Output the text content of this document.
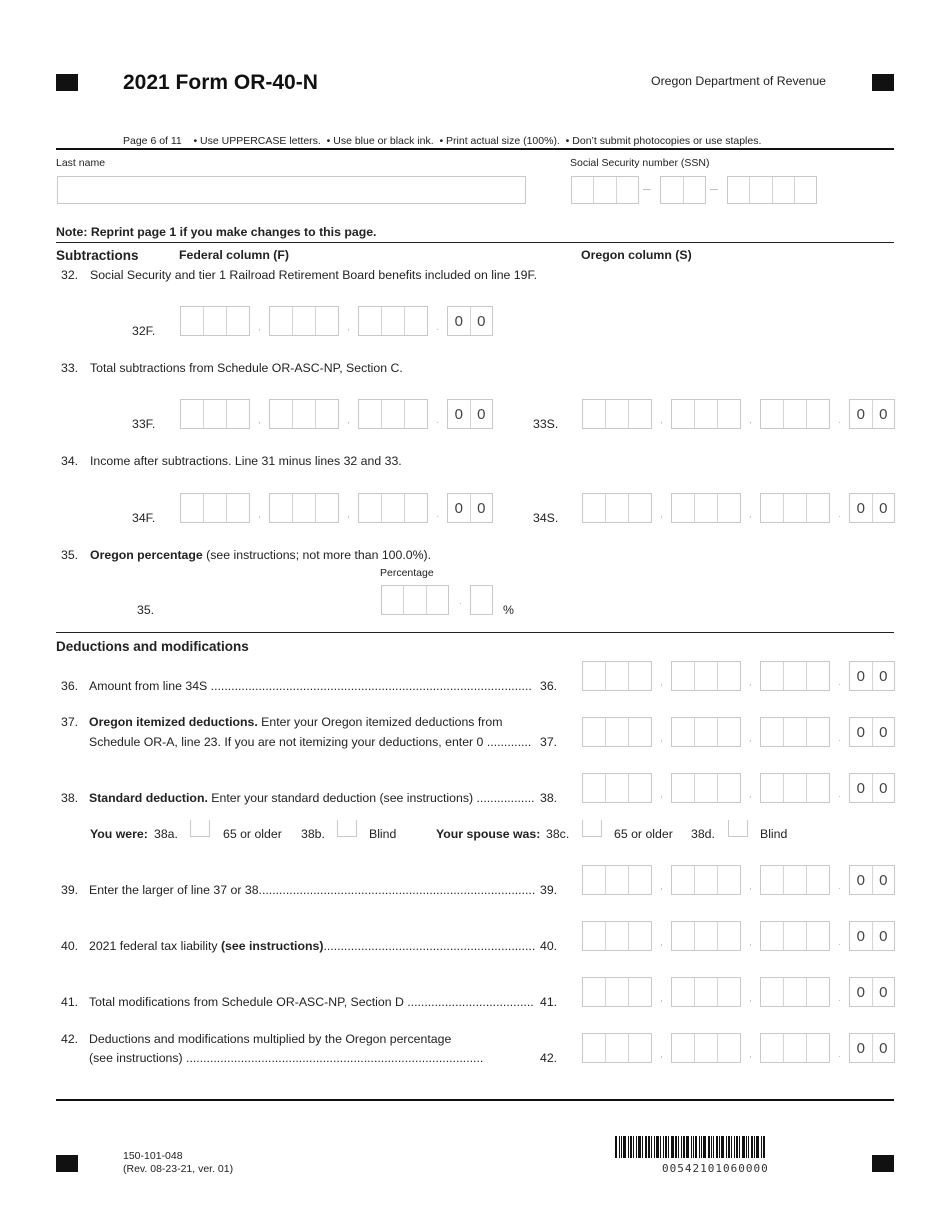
2021 Form OR-40-N	Oregon Department of Revenue
Page 6 of 11    • Use UPPERCASE letters.  • Use blue or black ink.  • Print actual size (100%).  • Don’t submit photocopies or use staples.
Last name	Social Security number (SSN)
–	–
Note: Reprint page 1 if you make changes to this page.
Subtractions	Federal column (F)	Oregon column (S)
32. Social Security and tier 1 Railroad Retirement Board benefits included on line 19F.
32F.	,	,	.	0 0
33. Total subtractions from Schedule OR-ASC-NP, Section C.
33F.	,	,	.	0 0
33S.	,	,	.	0 0
34. Income after subtractions. Line 31 minus lines 32 and 33.
34F.	,	,	.	0 0
34S.	,	,	.	0 0
35. Oregon percentage (see instructions; not more than 100.0%).
Percentage
35.
.
%
Deductions and modifications
36. Amount from line 34S .............................................................................................. 36.	,	,	.	0 0
37. Oregon itemized deductions. Enter your Oregon itemized deductions from
Schedule OR-A, line 23. If you are not itemizing your deductions, enter 0 ............. 37.	,	,	.	0 0
38. Standard deduction. Enter your standard deduction (see instructions) ................. 38.	,	,	.	0 0
You were: 38a.	65 or older 38b.	Blind	Your spouse was: 38c.	65 or older 38d.	Blind
39. Enter the larger of line 37 or 38................................................................................. 39.	,	,	.	0 0
40. 2021 federal tax liability (see instructions).............................................................. 40.	,	,	.	0 0
41. Total modifications from Schedule OR-ASC-NP, Section D ..................................... 41.	,	,	.	0 0
42. Deductions and modifications multiplied by the Oregon percentage
(see instructions) .......................................................................................	42.	,	,	.	0 0
150-101-048
(Rev. 08-23-21, ver. 01)	00542101060000
